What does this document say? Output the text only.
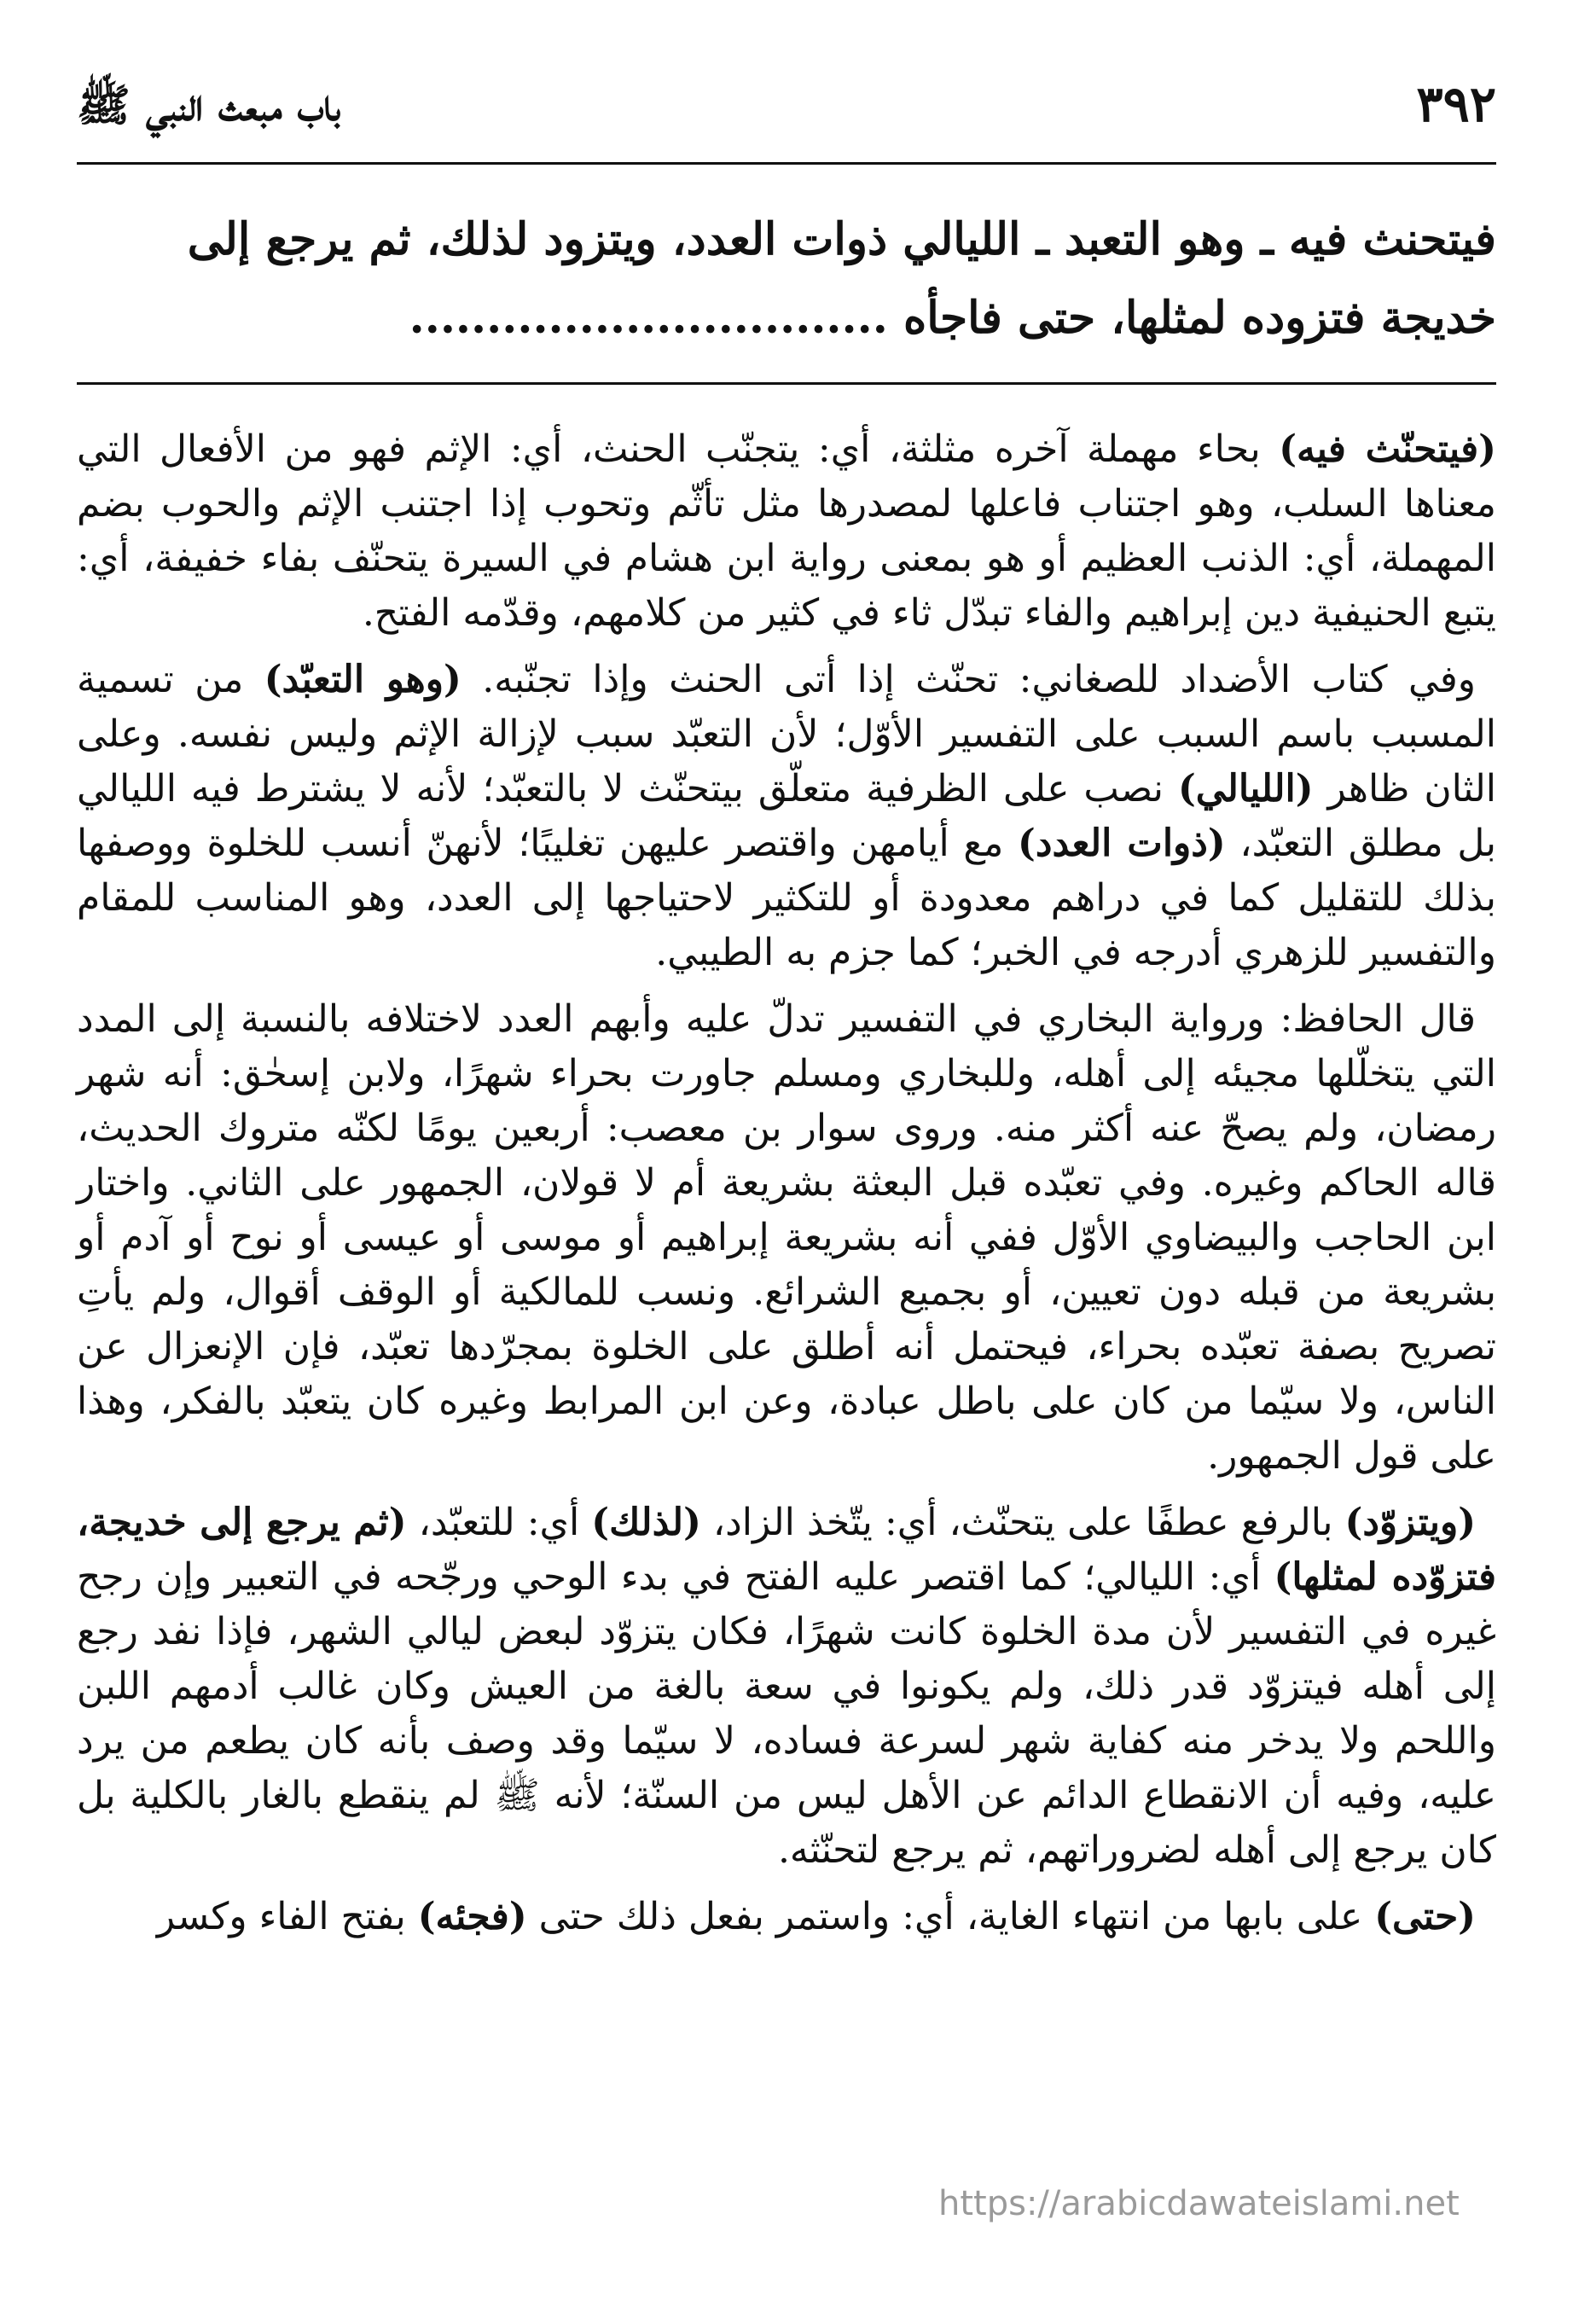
٣٩٢
باب مبعث النبي ﷺ

فيتحنث فيه ـ وهو التعبد ـ الليالي ذوات العدد، ويتزود لذلك، ثم يرجع إلى

خديجة فتزوده لمثلها، حتى فاجأه ...............................

(فيتحنّث فيه) بحاء مهملة آخره مثلثة، أي: يتجنّب الحنث، أي: الإثم فهو من الأفعال التي معناها السلب، وهو اجتناب فاعلها لمصدرها مثل تأثّم وتحوب إذا اجتنب الإثم والحوب بضم المهملة، أي: الذنب العظيم أو هو بمعنى رواية ابن هشام في السيرة يتحنّف بفاء خفيفة، أي: يتبع الحنيفية دين إبراهيم والفاء تبدّل ثاء في كثير من كلامهم، وقدّمه الفتح.

وفي كتاب الأضداد للصغاني: تحنّث إذا أتى الحنث وإذا تجنّبه. (وهو التعبّد) من تسمية المسبب باسم السبب على التفسير الأوّل؛ لأن التعبّد سبب لإزالة الإثم وليس نفسه. وعلى الثان ظاهر (الليالي) نصب على الظرفية متعلّق بيتحنّث لا بالتعبّد؛ لأنه لا يشترط فيه الليالي بل مطلق التعبّد، (ذوات العدد) مع أيامهن واقتصر عليهن تغليبًا؛ لأنهنّ أنسب للخلوة ووصفها بذلك للتقليل كما في دراهم معدودة أو للتكثير لاحتياجها إلى العدد، وهو المناسب للمقام والتفسير للزهري أدرجه في الخبر؛ كما جزم به الطيبي.

قال الحافظ: ورواية البخاري في التفسير تدلّ عليه وأبهم العدد لاختلافه بالنسبة إلى المدد التي يتخلّلها مجيئه إلى أهله، وللبخاري ومسلم جاورت بحراء شهرًا، ولابن إسحٰق: أنه شهر رمضان، ولم يصحّ عنه أكثر منه. وروى سوار بن معصب: أربعين يومًا لكنّه متروك الحديث، قاله الحاكم وغيره. وفي تعبّده قبل البعثة بشريعة أم لا قولان، الجمهور على الثاني. واختار ابن الحاجب والبيضاوي الأوّل ففي أنه بشريعة إبراهيم أو موسى أو عيسى أو نوح أو آدم أو بشريعة من قبله دون تعيين، أو بجميع الشرائع. ونسب للمالكية أو الوقف أقوال، ولم يأتِ تصريح بصفة تعبّده بحراء، فيحتمل أنه أطلق على الخلوة بمجرّدها تعبّد، فإن الإنعزال عن الناس، ولا سيّما من كان على باطل عبادة، وعن ابن المرابط وغيره كان يتعبّد بالفكر، وهذا على قول الجمهور.

(ويتزوّد) بالرفع عطفًا على يتحنّث، أي: يتّخذ الزاد، (لذلك) أي: للتعبّد، (ثم يرجع إلى خديجة، فتزوّده لمثلها) أي: الليالي؛ كما اقتصر عليه الفتح في بدء الوحي ورجّحه في التعبير وإن رجح غيره في التفسير لأن مدة الخلوة كانت شهرًا، فكان يتزوّد لبعض ليالي الشهر، فإذا نفد رجع إلى أهله فيتزوّد قدر ذلك، ولم يكونوا في سعة بالغة من العيش وكان غالب أدمهم اللبن واللحم ولا يدخر منه كفاية شهر لسرعة فساده، لا سيّما وقد وصف بأنه كان يطعم من يرد عليه، وفيه أن الانقطاع الدائم عن الأهل ليس من السنّة؛ لأنه ﷺ لم ينقطع بالغار بالكلية بل كان يرجع إلى أهله لضروراتهم، ثم يرجع لتحنّثه.

(حتى) على بابها من انتهاء الغاية، أي: واستمر بفعل ذلك حتى (فجئه) بفتح الفاء وكسر

https://arabicdawateislami.net
